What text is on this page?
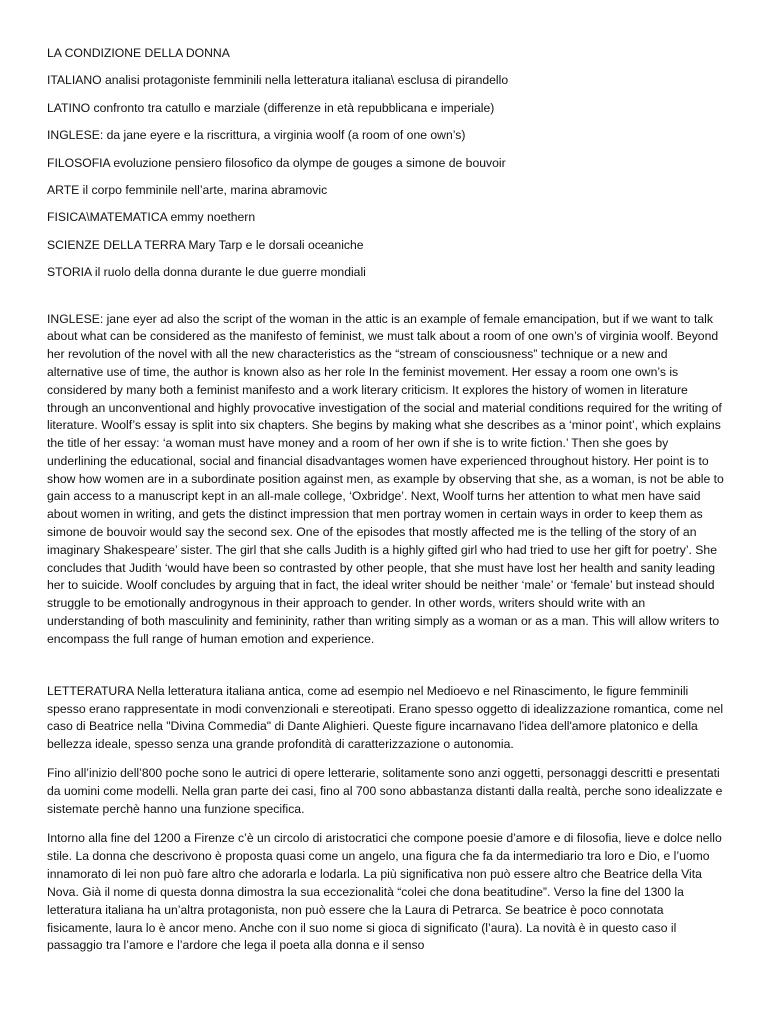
LA CONDIZIONE DELLA DONNA

ITALIANO analisi protagoniste femminili nella letteratura italiana\ esclusa di pirandello

LATINO confronto tra catullo e marziale (differenze in età repubblicana e imperiale)

INGLESE: da jane eyere e la riscrittura, a virginia woolf (a room of one own’s)

FILOSOFIA evoluzione pensiero filosofico da olympe de gouges a simone de bouvoir

ARTE il corpo femminile nell’arte, marina abramovic

FISICA\MATEMATICA emmy noethern

SCIENZE DELLA TERRA Mary Tarp e le dorsali oceaniche

STORIA il ruolo della donna durante le due guerre mondiali

INGLESE: jane eyer ad also the script of the woman in the attic is an example of female emancipation, but if we want to talk about what can be considered as the manifesto of feminist, we must talk about a room of one own’s of virginia woolf. Beyond her revolution of the novel with all the new characteristics as the “stream of consciousness” technique or a new and alternative use of time, the author is known also as her role In the feminist movement. Her essay a room one own’s is considered by many both a feminist manifesto and a work literary criticism. It explores the history of women in literature through an unconventional and highly provocative investigation of the social and material conditions required for the writing of literature. Woolf’s essay is split into six chapters. She begins by making what she describes as a ‘minor point’, which explains the title of her essay: ‘a woman must have money and a room of her own if she is to write fiction.’ Then she goes by underlining the educational, social and financial disadvantages women have experienced throughout history. Her point is to show how women are in a subordinate position against men, as example by observing that she, as a woman, is not be able to gain access to a manuscript kept in an all-male college, ‘Oxbridge’. Next, Woolf turns her attention to what men have said about women in writing, and gets the distinct impression that men portray women in certain ways in order to keep them as simone de bouvoir would say the second sex. One of the episodes that mostly affected me is the telling of the story of an imaginary Shakespeare’ sister. The girl that she calls Judith is a highly gifted girl who had tried to use her gift for poetry’. She concludes that Judith ‘would have been so contrasted by other people, that she must have lost her health and sanity leading her to suicide. Woolf concludes by arguing that in fact, the ideal writer should be neither ‘male’ or ‘female’ but instead should struggle to be emotionally androgynous in their approach to gender. In other words, writers should write with an understanding of both masculinity and femininity, rather than writing simply as a woman or as a man. This will allow writers to encompass the full range of human emotion and experience.

LETTERATURA Nella letteratura italiana antica, come ad esempio nel Medioevo e nel Rinascimento, le figure femminili spesso erano rappresentate in modi convenzionali e stereotipati. Erano spesso oggetto di idealizzazione romantica, come nel caso di Beatrice nella "Divina Commedia" di Dante Alighieri. Queste figure incarnavano l'idea dell'amore platonico e della bellezza ideale, spesso senza una grande profondità di caratterizzazione o autonomia.

Fino all’inizio dell’800 poche sono le autrici di opere letterarie, solitamente sono anzi oggetti, personaggi descritti e presentati da uomini come modelli. Nella gran parte dei casi, fino al 700 sono abbastanza distanti dalla realtà, perche sono idealizzate e sistemate perchè hanno una funzione specifica.

Intorno alla fine del 1200 a Firenze c’è un circolo di aristocratici che compone poesie d’amore e di filosofia, lieve e dolce nello stile. La donna che descrivono è proposta quasi come un angelo, una figura che fa da intermediario tra loro e Dio, e l’uomo innamorato di lei non può fare altro che adorarla e lodarla. La più significativa non può essere altro che Beatrice della Vita Nova. Già il nome di questa donna dimostra la sua eccezionalità “colei che dona beatitudine”. Verso la fine del 1300 la letteratura italiana ha un’altra protagonista, non può essere che la Laura di Petrarca. Se beatrice è poco connotata fisicamente, laura lo è ancor meno. Anche con il suo nome si gioca di significato (l’aura). La novità è in questo caso il passaggio tra l’amore e l’ardore che lega il poeta alla donna e il senso
